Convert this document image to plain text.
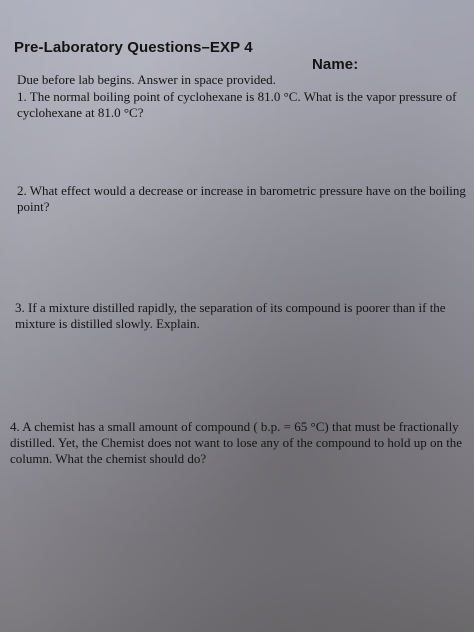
Pre-Laboratory Questions–EXP 4
Name:
Due before lab begins. Answer in space provided.
1. The normal boiling point of cyclohexane is 81.0 °C. What is the vapor pressure of
cyclohexane at 81.0 °C?
2. What effect would a decrease or increase in barometric pressure have on the boiling
point?
3. If a mixture distilled rapidly, the separation of its compound is poorer than if the
mixture is distilled slowly. Explain.
4. A chemist has a small amount of compound ( b.p. = 65 °C) that must be fractionally
distilled. Yet, the Chemist does not want to lose any of the compound to hold up on the
column. What the chemist should do?
